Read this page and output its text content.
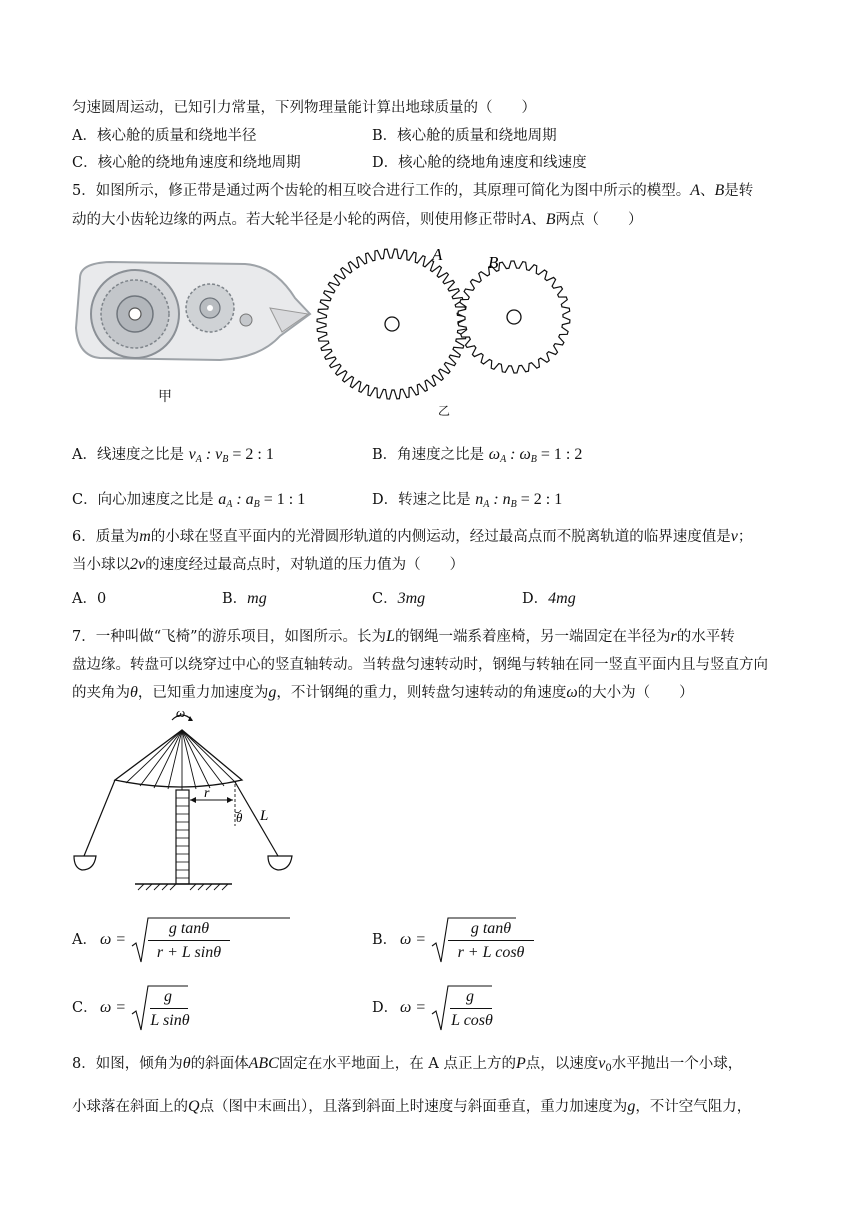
匀速圆周运动，已知引力常量，下列物理量能计算出地球质量的（　　）
A．核心舱的质量和绕地半径	B．核心舱的质量和绕地周期
C．核心舱的绕地角速度和绕地周期	D．核心舱的绕地角速度和线速度
5．如图所示，修正带是通过两个齿轮的相互咬合进行工作的，其原理可简化为图中所示的模型。A、B是转
动的大小齿轮边缘的两点。若大轮半径是小轮的两倍，则使用修正带时A、B两点（　　）
甲
A	B
乙
A．线速度之比是 $v_A$ : $v_B = 2$ : 1	B．角速度之比是 $\omega_A$ : $\omega_B = 1$ : 2
C．向心加速度之比是 $a_A$ : $a_B = 1$ : 1	D．转速之比是 $n_A$ : $n_B = 2$ : 1
6．质量为m的小球在竖直平面内的光滑圆形轨道的内侧运动，经过最高点而不脱离轨道的临界速度值是v；
当小球以2v的速度经过最高点时，对轨道的压力值为（　　）
A．0	B．mg	C．3mg	D．4mg
7．一种叫做“飞椅”的游乐项目，如图所示。长为L的钢绳一端系着座椅，另一端固定在半径为r的水平转
盘边缘。转盘可以绕穿过中心的竖直轴转动。当转盘匀速转动时，钢绳与转轴在同一竖直平面内且与竖直方向
的夹角为θ，已知重力加速度为g，不计钢绳的重力，则转盘匀速转动的角速度ω的大小为（　　）
ω
r
θ L
A． ω =
g tanθ
r + L sinθ
B． ω =
g tanθ
r + L cosθ
C． ω =
g
L sinθ
D． ω =
g
L cosθ
8．如图，倾角为θ的斜面体ABC固定在水平地面上，在 A 点正上方的P点，以速度$v_0$水平抛出一个小球，
小球落在斜面上的Q点（图中末画出），且落到斜面上时速度与斜面垂直，重力加速度为g，不计空气阻力，
